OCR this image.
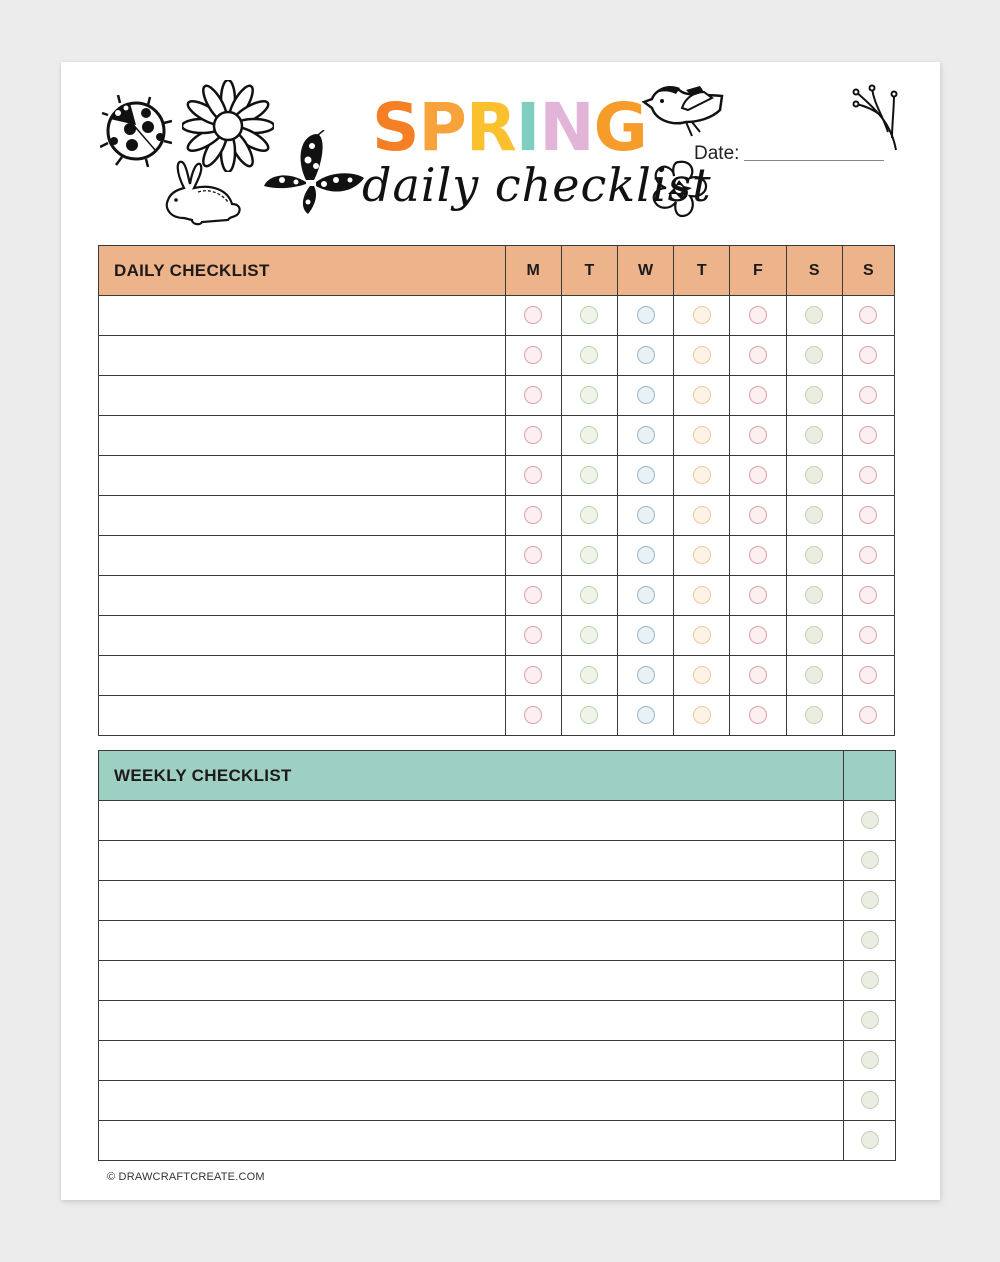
SPRING
daily checklist
Date:
DAILY CHECKLIST	M	T	W	T	F	S	S

WEEKLY CHECKLIST	

© DRAWCRAFTCREATE.COM
